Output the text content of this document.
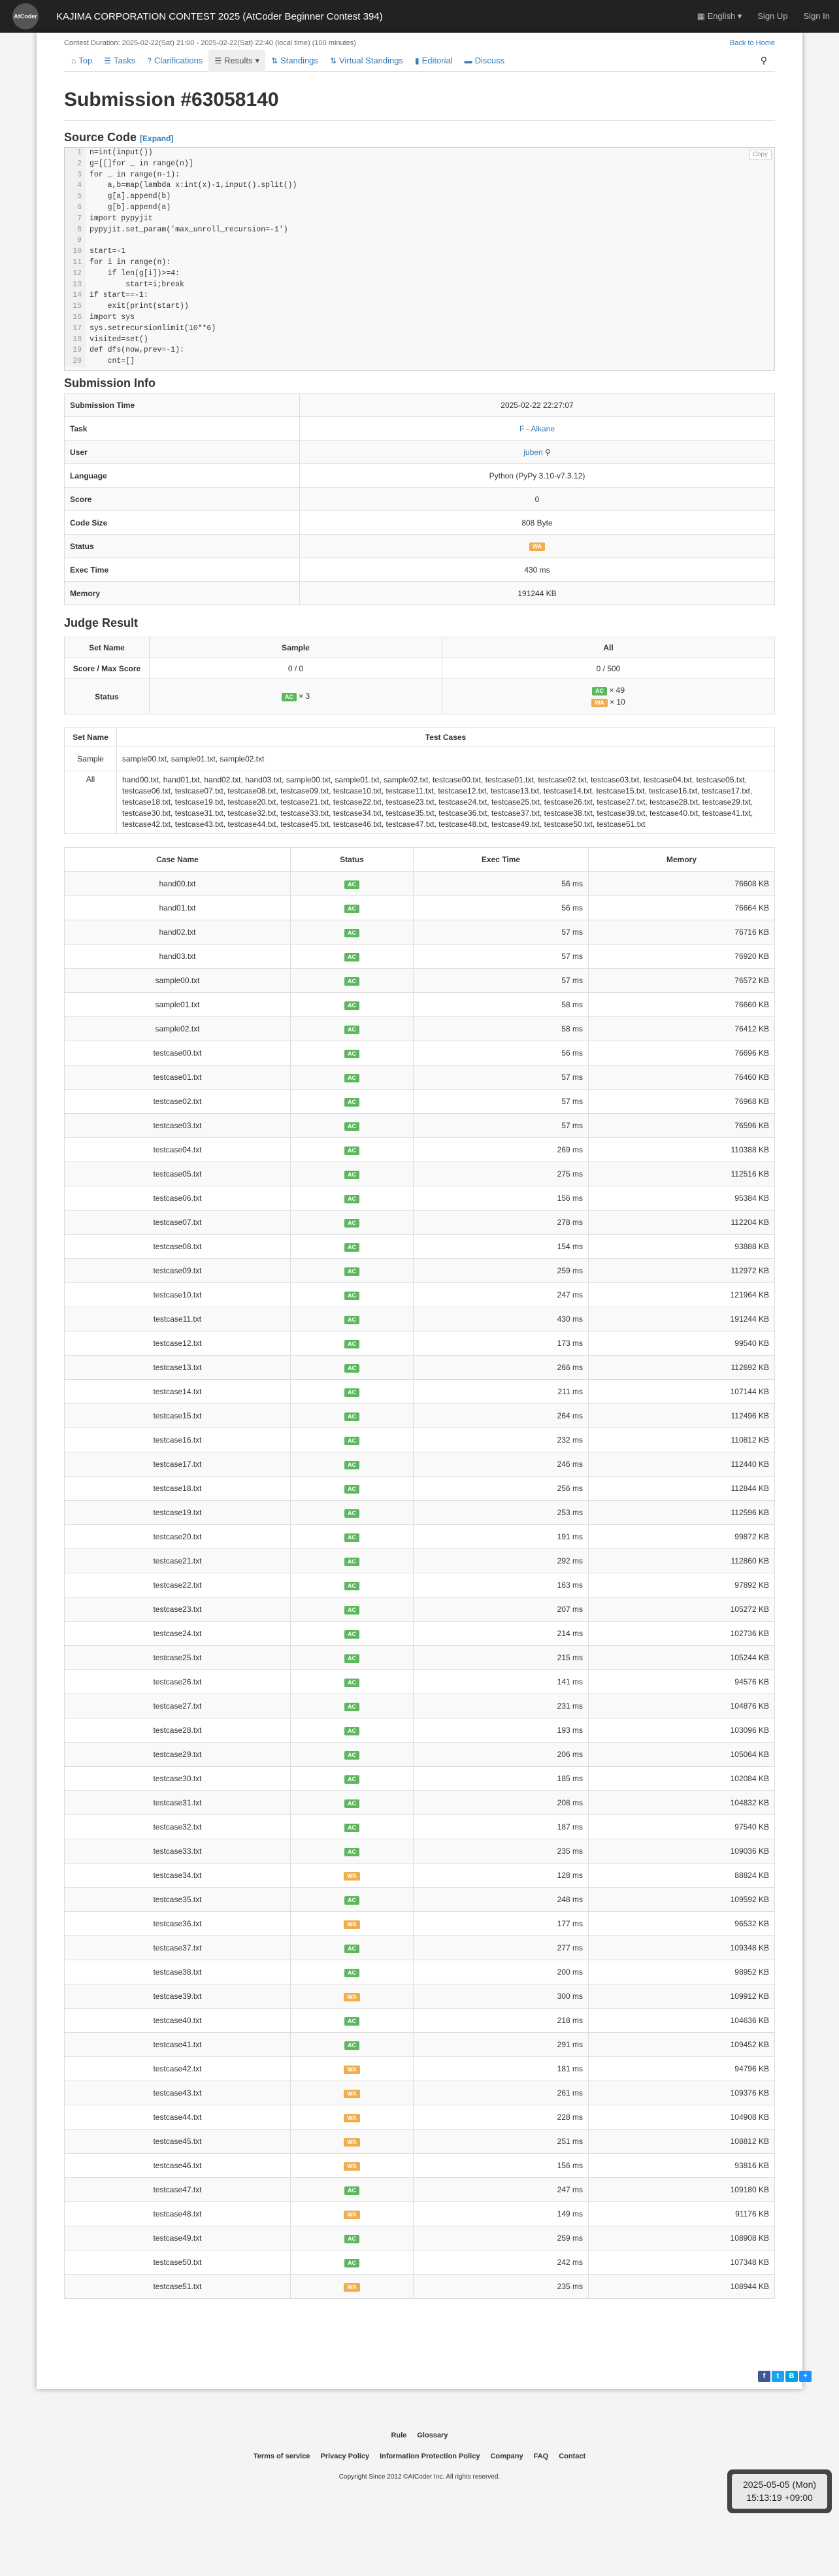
AtCoder KAJIMA CORPORATION CONTEST 2025 (AtCoder Beginner Contest 394)	▦ English ▾ Sign Up Sign In
Contest Duration: 2025-02-22(Sat) 21:00 - 2025-02-22(Sat) 22:40 (local time) (100 minutes)	Back to Home
⌂ Top ☰ Tasks ? Clarifications ☰ Results ▾ ⇅ Standings ⇅ Virtual Standings ▮ Editorial ▬ Discuss	⚲
Submission #63058140
Source Code [Expand]
Copy
1	n=int(input())
2	g=[[]for _ in range(n)]
3	for _ in range(n-1):
4	a,b=map(lambda x:int(x)-1,input().split())
5	g[a].append(b)
6	g[b].append(a)
7	import pypyjit
8	pypyjit.set_param('max_unroll_recursion=-1')
9
10	start=-1
11	for i in range(n):
12	if len(g[i])>=4:
13	start=i;break
14	if start==-1:
15	exit(print(start))
16	import sys
17	sys.setrecursionlimit(10**6)
18	visited=set()
19	def dfs(now,prev=-1):
20	cnt=[]
Submission Info
Submission Time	2025-02-22 22:27:07
Task	F - Alkane
User	juben ⚲
Language	Python (PyPy 3.10-v7.3.12)
Score	0
Code Size	808 Byte
Status	WA
Exec Time	430 ms
Memory	191244 KB
Judge Result
Set Name	Sample	All
Score / Max Score	0 / 0	0 / 500
Status	AC × 3	AC × 49
WA × 10
Set Name	Test Cases
Sample	sample00.txt, sample01.txt, sample02.txt
All	hand00.txt, hand01.txt, hand02.txt, hand03.txt, sample00.txt, sample01.txt, sample02.txt, testcase00.txt, testcase01.txt, testcase02.txt, testcase03.txt, testcase04.txt, testcase05.txt, testcase06.txt, testcase07.txt, testcase08.txt, testcase09.txt, testcase10.txt, testcase11.txt, testcase12.txt, testcase13.txt, testcase14.txt, testcase15.txt, testcase16.txt, testcase17.txt, testcase18.txt, testcase19.txt, testcase20.txt, testcase21.txt, testcase22.txt, testcase23.txt, testcase24.txt, testcase25.txt, testcase26.txt, testcase27.txt, testcase28.txt, testcase29.txt, testcase30.txt, testcase31.txt, testcase32.txt, testcase33.txt, testcase34.txt, testcase35.txt, testcase36.txt, testcase37.txt, testcase38.txt, testcase39.txt, testcase40.txt, testcase41.txt, testcase42.txt, testcase43.txt, testcase44.txt, testcase45.txt, testcase46.txt, testcase47.txt, testcase48.txt, testcase49.txt, testcase50.txt, testcase51.txt
Case Name	Status	Exec Time	Memory
hand00.txt	AC	56 ms	76608 KB
hand01.txt	AC	56 ms	76664 KB
hand02.txt	AC	57 ms	76716 KB
hand03.txt	AC	57 ms	76920 KB
sample00.txt	AC	57 ms	76572 KB
sample01.txt	AC	58 ms	76660 KB
sample02.txt	AC	58 ms	76412 KB
testcase00.txt	AC	56 ms	76696 KB
testcase01.txt	AC	57 ms	76460 KB
testcase02.txt	AC	57 ms	76968 KB
testcase03.txt	AC	57 ms	76596 KB
testcase04.txt	AC	269 ms	110388 KB
testcase05.txt	AC	275 ms	112516 KB
testcase06.txt	AC	156 ms	95384 KB
testcase07.txt	AC	278 ms	112204 KB
testcase08.txt	AC	154 ms	93888 KB
testcase09.txt	AC	259 ms	112972 KB
testcase10.txt	AC	247 ms	121964 KB
testcase11.txt	AC	430 ms	191244 KB
testcase12.txt	AC	173 ms	99540 KB
testcase13.txt	AC	266 ms	112692 KB
testcase14.txt	AC	211 ms	107144 KB
testcase15.txt	AC	264 ms	112496 KB
testcase16.txt	AC	232 ms	110812 KB
testcase17.txt	AC	246 ms	112440 KB
testcase18.txt	AC	256 ms	112844 KB
testcase19.txt	AC	253 ms	112596 KB
testcase20.txt	AC	191 ms	99872 KB
testcase21.txt	AC	292 ms	112860 KB
testcase22.txt	AC	163 ms	97892 KB
testcase23.txt	AC	207 ms	105272 KB
testcase24.txt	AC	214 ms	102736 KB
testcase25.txt	AC	215 ms	105244 KB
testcase26.txt	AC	141 ms	94576 KB
testcase27.txt	AC	231 ms	104876 KB
testcase28.txt	AC	193 ms	103096 KB
testcase29.txt	AC	206 ms	105064 KB
testcase30.txt	AC	185 ms	102084 KB
testcase31.txt	AC	208 ms	104832 KB
testcase32.txt	AC	187 ms	97540 KB
testcase33.txt	AC	235 ms	109036 KB
testcase34.txt	WA	128 ms	88824 KB
testcase35.txt	AC	248 ms	109592 KB
testcase36.txt	WA	177 ms	96532 KB
testcase37.txt	AC	277 ms	109348 KB
testcase38.txt	AC	200 ms	98952 KB
testcase39.txt	WA	300 ms	109912 KB
testcase40.txt	AC	218 ms	104636 KB
testcase41.txt	AC	291 ms	109452 KB
testcase42.txt	WA	181 ms	94796 KB
testcase43.txt	WA	261 ms	109376 KB
testcase44.txt	WA	228 ms	104908 KB
testcase45.txt	WA	251 ms	108812 KB
testcase46.txt	WA	156 ms	93816 KB
testcase47.txt	AC	247 ms	109180 KB
testcase48.txt	WA	149 ms	91176 KB
testcase49.txt	AC	259 ms	108908 KB
testcase50.txt	AC	242 ms	107348 KB
testcase51.txt	WA	235 ms	108944 KB
f	t	B	+
Rule Glossary
Terms of service Privacy Policy Information Protection Policy Company FAQ Contact
Copyright Since 2012 ©AtCoder Inc. All rights reserved.
2025-05-05 (Mon)
15:13:19 +09:00
